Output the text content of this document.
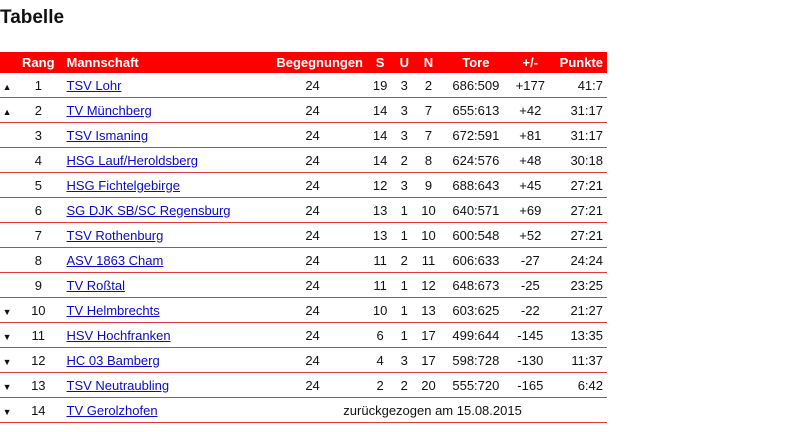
Tabelle
	Rang	Mannschaft	Begegnungen	S	U	N	Tore	+/-	Punkte
▲	1	TSV Lohr	24	19	3	2	686:509	+177	41:7
▲	2	TV Münchberg	24	14	3	7	655:613	+42	31:17
	3	TSV Ismaning	24	14	3	7	672:591	+81	31:17
	4	HSG Lauf/Heroldsberg	24	14	2	8	624:576	+48	30:18
	5	HSG Fichtelgebirge	24	12	3	9	688:643	+45	27:21
	6	SG DJK SB/SC Regensburg	24	13	1	10	640:571	+69	27:21
	7	TSV Rothenburg	24	13	1	10	600:548	+52	27:21
	8	ASV 1863 Cham	24	11	2	11	606:633	-27	24:24
	9	TV Roßtal	24	11	1	12	648:673	-25	23:25
▼	10	TV Helmbrechts	24	10	1	13	603:625	-22	21:27
▼	11	HSV Hochfranken	24	6	1	17	499:644	-145	13:35
▼	12	HC 03 Bamberg	24	4	3	17	598:728	-130	11:37
▼	13	TSV Neutraubling	24	2	2	20	555:720	-165	6:42
▼	14	TV Gerolzhofen	zurückgezogen am 15.08.2015						
